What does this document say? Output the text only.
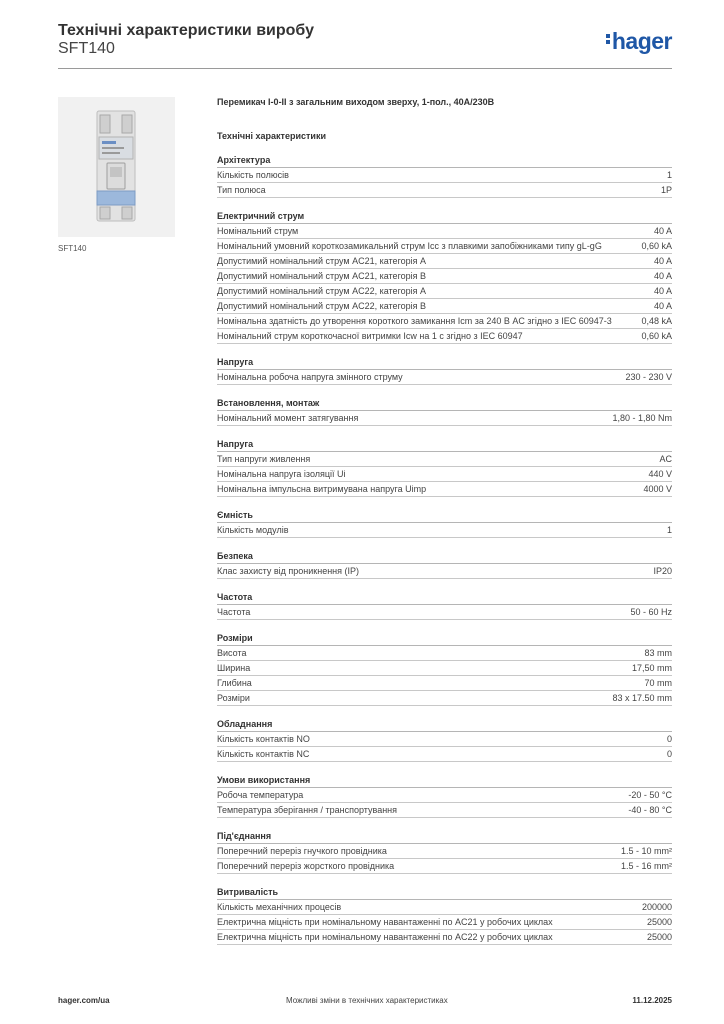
Технічні характеристики виробу
SFT140	hager
SFT140
Перемикач I-0-II з загальним виходом зверху, 1-пол., 40А/230В
Технічні характеристики
Архітектура
Кількість полюсів	1
Тип полюса	1P
Електричний струм
Номінальний струм	40 A
Номінальний умовний короткозамикальний струм Icc з плавкими запобіжниками типу gL-gG	0,60 kA
Допустимий номінальний струм AC21, категорія A	40 A
Допустимий номінальний струм AC21, категорія B	40 A
Допустимий номінальний струм AC22, категорія A	40 A
Допустимий номінальний струм AC22, категорія B	40 A
Номінальна здатність до утворення короткого замикання Icm за 240 В AC згідно з IEC 60947-3	0,48 kA
Номінальний струм короткочасної витримки Icw на 1 с згідно з IEC 60947	0,60 kA
Напруга
Номінальна робоча напруга змінного струму	230 - 230 V
Встановлення, монтаж
Номінальний момент затягування	1,80 - 1,80 Nm
Напруга
Тип напруги живлення	AC
Номінальна напруга ізоляції Ui	440 V
Номінальна імпульсна витримувана напруга Uimp	4000 V
Ємність
Кількість модулів	1
Безпека
Клас захисту від проникнення (IP)	IP20
Частота
Частота	50 - 60 Hz
Розміри
Висота	83 mm
Ширина	17,50 mm
Глибина	70 mm
Розміри	83 x 17.50 mm
Обладнання
Кількість контактів NO	0
Кількість контактів NC	0
Умови використання
Робоча температура	-20 - 50 °C
Температура зберігання / транспортування	-40 - 80 °C
Під'єднання
Поперечний переріз гнучкого провідника	1.5 - 10 mm²
Поперечний переріз жорсткого провідника	1.5 - 16 mm²
Витривалість
Кількість механічних процесів	200000
Електрична міцність при номінальному навантаженні по AC21 у робочих циклах	25000
Електрична міцність при номінальному навантаженні по AC22 у робочих циклах	25000
hager.com/ua	Можливі зміни в технічних характеристиках	11.12.2025
